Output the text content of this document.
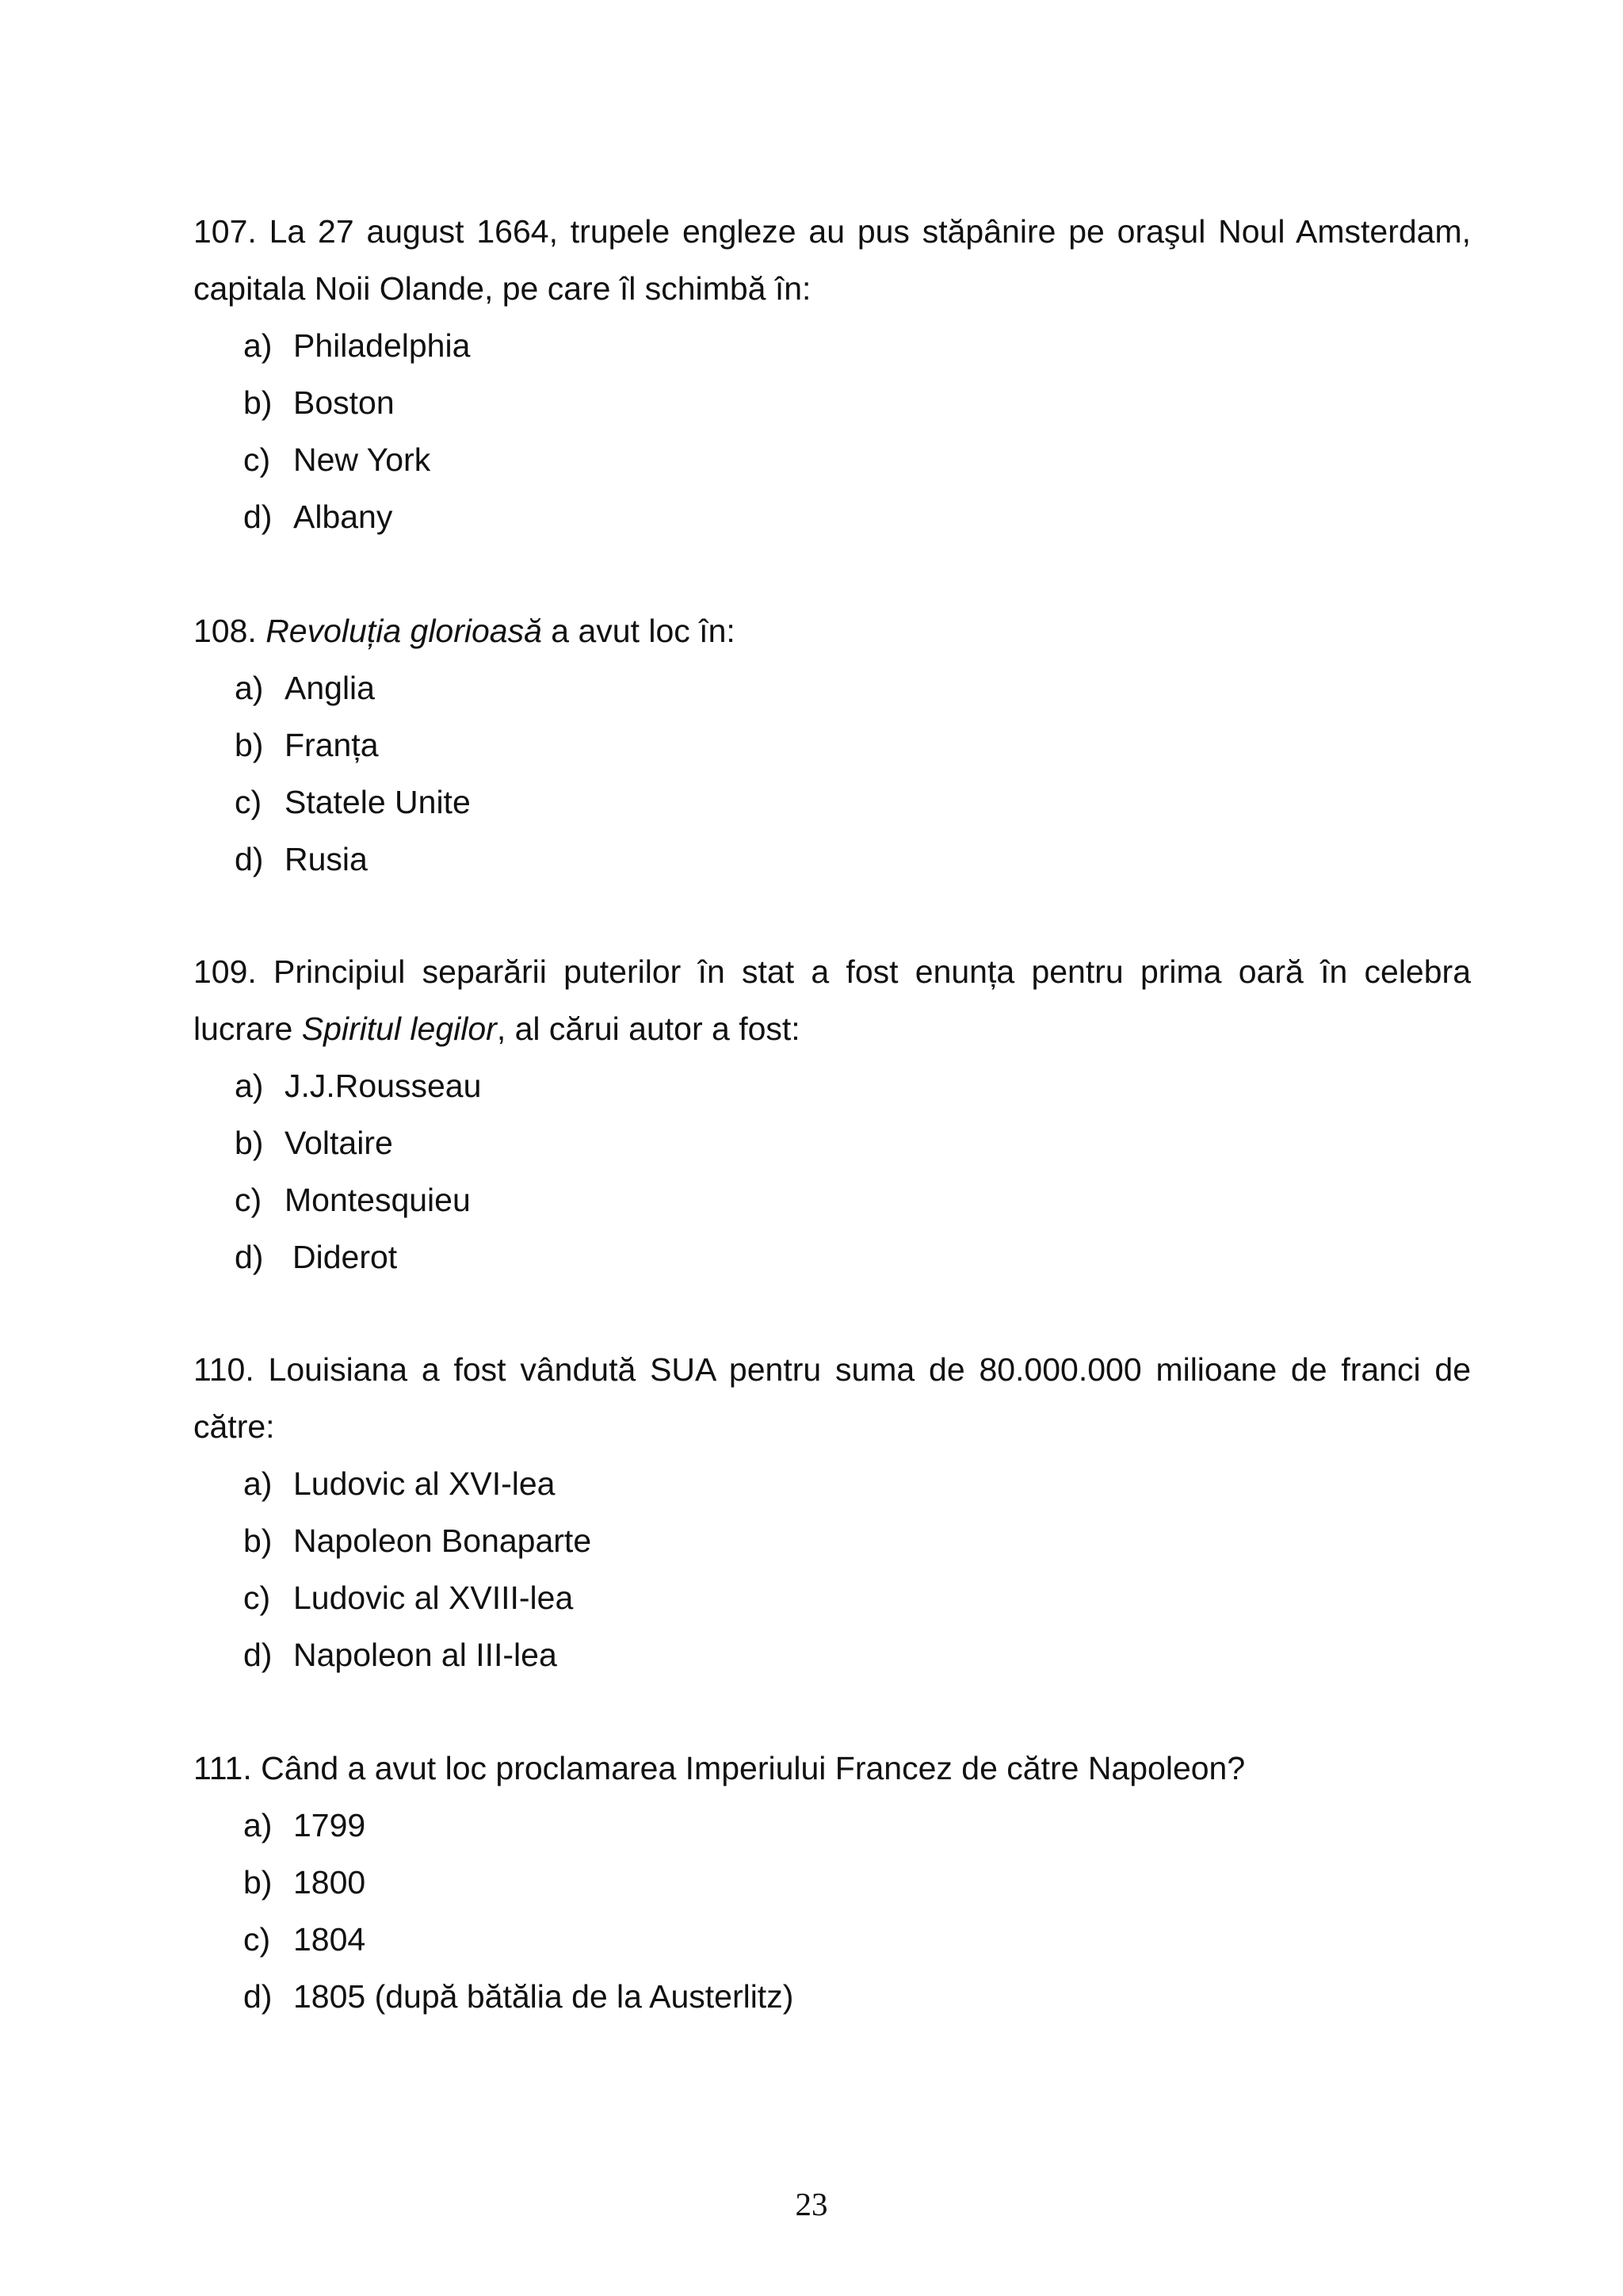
107. La 27 august 1664, trupele engleze au pus stăpânire pe oraşul Noul Amsterdam, capitala Noii Olande, pe care îl schimbă în:

a) Philadelphia
b) Boston
c) New York
d) Albany

108. Revoluția glorioasă a avut loc în:

a) Anglia
b) Franța
c) Statele Unite
d) Rusia

109. Principiul separării puterilor în stat a fost enunța pentru prima oară în celebra lucrare Spiritul legilor, al cărui autor a fost:

a) J.J.Rousseau
b) Voltaire
c) Montesquieu
d) Diderot

110. Louisiana a fost vândută SUA pentru suma de 80.000.000 milioane de franci de către:

a) Ludovic al XVI-lea
b) Napoleon Bonaparte
c) Ludovic al XVIII-lea
d) Napoleon al III-lea

111. Când a avut loc proclamarea Imperiului Francez de către Napoleon?

a) 1799
b) 1800
c) 1804
d) 1805 (după bătălia de la Austerlitz)
23
